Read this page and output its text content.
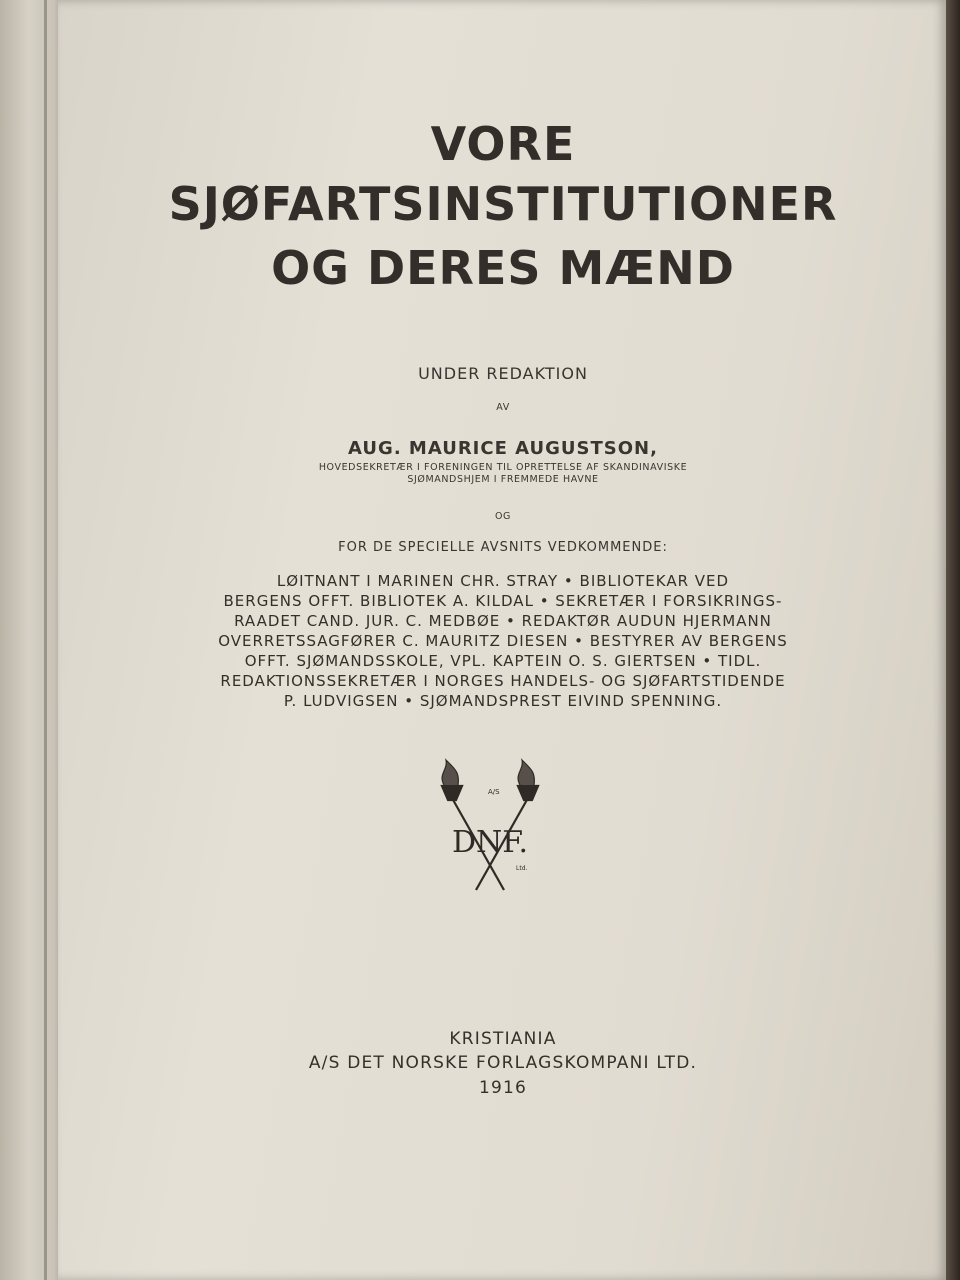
VORE
SJØFARTSINSTITUTIONER
OG DERES MÆND
UNDER REDAKTION
AV
AUG. MAURICE AUGUSTSON,
HOVEDSEKRETÆR I FORENINGEN TIL OPRETTELSE AF SKANDINAVISKE
SJØMANDSHJEM I FREMMEDE HAVNE
OG
FOR DE SPECIELLE AVSNITS VEDKOMMENDE:
LØITNANT I MARINEN CHR. STRAY • BIBLIOTEKAR VED
BERGENS OFFT. BIBLIOTEK A. KILDAL • SEKRETÆR I FORSIKRINGS-
RAADET CAND. JUR. C. MEDBØE • REDAKTØR AUDUN HJERMANN
OVERRETSSAGFØRER C. MAURITZ DIESEN • BESTYRER AV BERGENS
OFFT. SJØMANDSSKOLE, VPL. KAPTEIN O. S. GIERTSEN • TIDL.
REDAKTIONSSEKRETÆR I NORGES HANDELS- OG SJØFARTSTIDENDE
P. LUDVIGSEN • SJØMANDSPREST EIVIND SPENNING.
A/S
DNF.
Ltd.
KRISTIANIA
A/S DET NORSKE FORLAGSKOMPANI LTD.
1916
